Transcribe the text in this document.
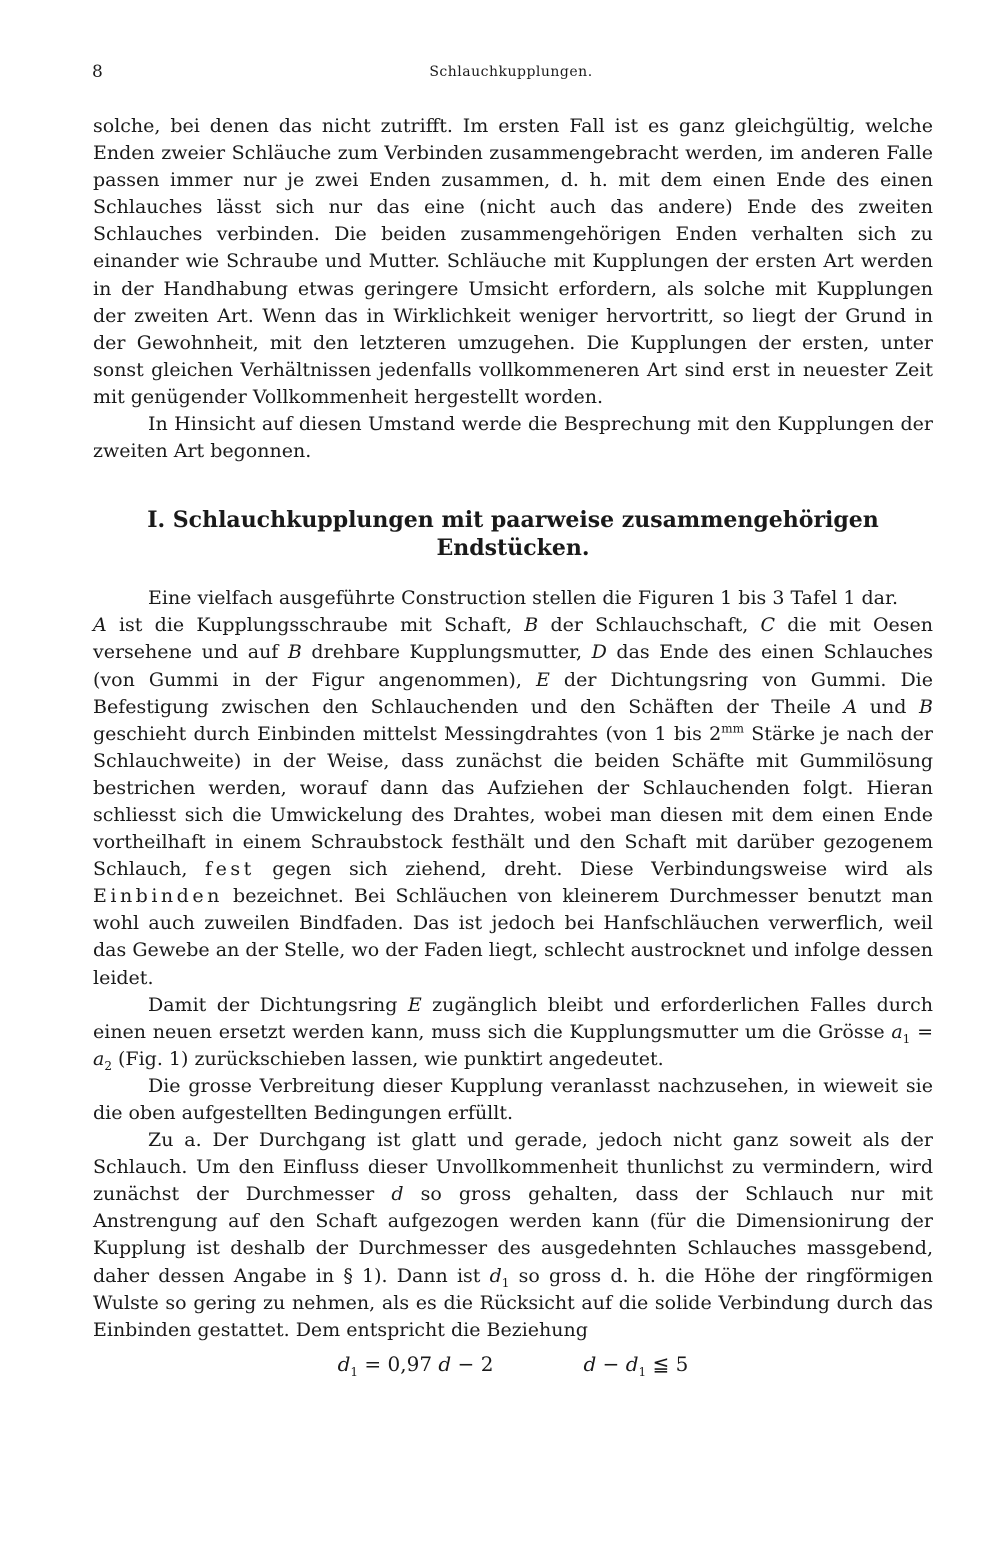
8	Schlauchkupplungen.

solche, bei denen das nicht zutrifft. Im ersten Fall ist es ganz gleichgültig, welche Enden zweier Schläuche zum Verbinden zusammengebracht werden, im anderen Falle passen immer nur je zwei Enden zusammen, d. h. mit dem einen Ende des einen Schlauches lässt sich nur das eine (nicht auch das andere) Ende des zweiten Schlauches verbinden. Die beiden zusammengehörigen Enden verhalten sich zu einander wie Schraube und Mutter. Schläuche mit Kupplungen der ersten Art werden in der Handhabung etwas geringere Umsicht erfordern, als solche mit Kupplungen der zweiten Art. Wenn das in Wirklichkeit weniger hervortritt, so liegt der Grund in der Gewohnheit, mit den letzteren umzugehen. Die Kupplungen der ersten, unter sonst gleichen Verhältnissen jedenfalls vollkommeneren Art sind erst in neuester Zeit mit genügender Vollkommenheit hergestellt worden.

In Hinsicht auf diesen Umstand werde die Besprechung mit den Kupplungen der zweiten Art begonnen.

I. Schlauchkupplungen mit paarweise zusammengehörigen Endstücken.

Eine vielfach ausgeführte Construction stellen die Figuren 1 bis 3 Tafel 1 dar.
A ist die Kupplungsschraube mit Schaft, B der Schlauchschaft, C die mit Oesen versehene und auf B drehbare Kupplungsmutter, D das Ende des einen Schlauches (von Gummi in der Figur angenommen), E der Dichtungsring von Gummi. Die Befestigung zwischen den Schlauchenden und den Schäften der Theile A und B geschieht durch Einbinden mittelst Messingdrahtes (von 1 bis $2^{mm}$ Stärke je nach der Schlauchweite) in der Weise, dass zunächst die beiden Schäfte mit Gummilösung bestrichen werden, worauf dann das Aufziehen der Schlauchenden folgt. Hieran schliesst sich die Umwickelung des Drahtes, wobei man diesen mit dem einen Ende vortheilhaft in einem Schraubstock festhält und den Schaft mit darüber gezogenem Schlauch, fest gegen sich ziehend, dreht. Diese Verbindungsweise wird als Einbinden bezeichnet. Bei Schläuchen von kleinerem Durchmesser benutzt man wohl auch zuweilen Bindfaden. Das ist jedoch bei Hanfschläuchen verwerflich, weil das Gewebe an der Stelle, wo der Faden liegt, schlecht austrocknet und infolge dessen leidet.

Damit der Dichtungsring E zugänglich bleibt und erforderlichen Falles durch einen neuen ersetzt werden kann, muss sich die Kupplungsmutter um die Grösse $a_1 = a_2$ (Fig. 1) zurückschieben lassen, wie punktirt angedeutet.

Die grosse Verbreitung dieser Kupplung veranlasst nachzusehen, in wieweit sie die oben aufgestellten Bedingungen erfüllt.

Zu a. Der Durchgang ist glatt und gerade, jedoch nicht ganz soweit als der Schlauch. Um den Einfluss dieser Unvollkommenheit thunlichst zu vermindern, wird zunächst der Durchmesser d so gross gehalten, dass der Schlauch nur mit Anstrengung auf den Schaft aufgezogen werden kann (für die Dimensionirung der Kupplung ist deshalb der Durchmesser des ausgedehnten Schlauches massgebend, daher dessen Angabe in § 1). Dann ist $d_1$ so gross d. h. die Höhe der ringförmigen Wulste so gering zu nehmen, als es die Rücksicht auf die solide Verbindung durch das Einbinden gestattet. Dem entspricht die Beziehung

$d_1 = 0,97$ d − 2	$d - d_1$ ≦ 5
